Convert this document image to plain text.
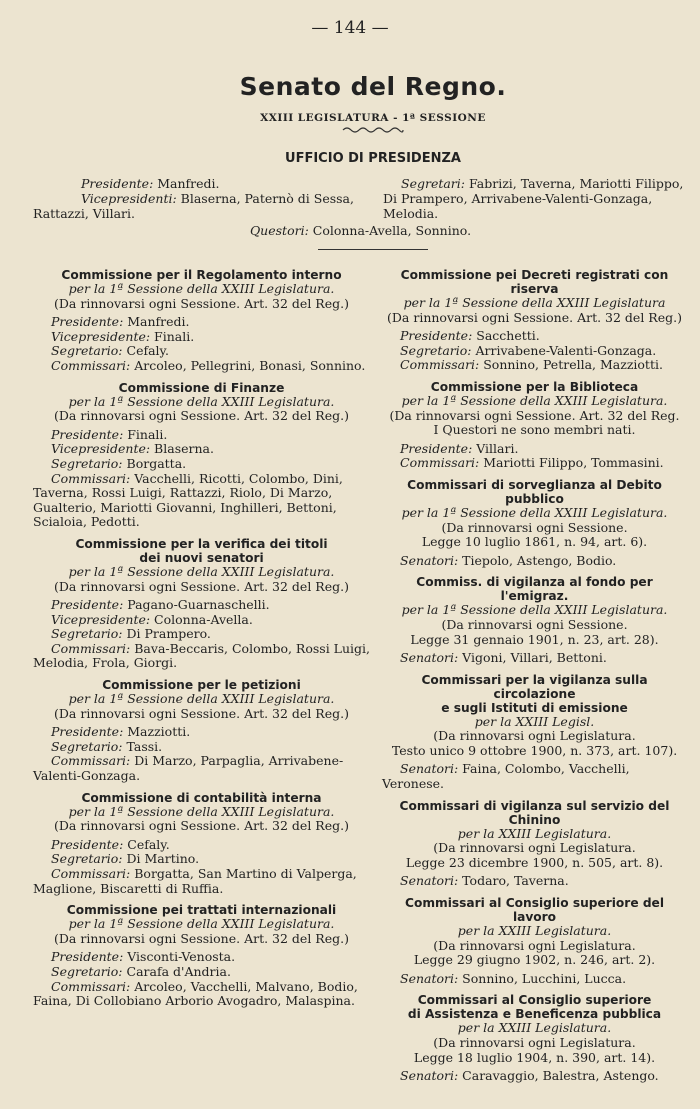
— 144 —
Senato del Regno.
XXIII LEGISLATURA - 1ª SESSIONE
UFFICIO DI PRESIDENZA
Presidente: Manfredi.
Vicepresidenti: Blaserna, Paternò di Sessa, Rattazzi, Villari.
Segretari: Fabrizi, Taverna, Mariotti Filippo, Di Prampero, Arrivabene-Valenti-Gonzaga, Melodia.
Questori: Colonna-Avella, Sonnino.
Commissione per il Regolamento interno
per la 1ª Sessione della XXIII Legislatura.
(Da rinnovarsi ogni Sessione. Art. 32 del Reg.)
Presidente: Manfredi.
Vicepresidente: Finali.
Segretario: Cefaly.
Commissari: Arcoleo, Pellegrini, Bonasi, Sonnino.
Commissione di Finanze
per la 1ª Sessione della XXIII Legislatura.
(Da rinnovarsi ogni Sessione. Art. 32 del Reg.)
Presidente: Finali.
Vicepresidente: Blaserna.
Segretario: Borgatta.
Commissari: Vacchelli, Ricotti, Colombo, Dini, Taverna, Rossi Luigi, Rattazzi, Riolo, Di Marzo, Gualterio, Mariotti Giovanni, Inghilleri, Bettoni, Scialoia, Pedotti.
Commissione per la verifica dei titoli
dei nuovi senatori
per la 1ª Sessione della XXIII Legislatura.
(Da rinnovarsi ogni Sessione. Art. 32 del Reg.)
Presidente: Pagano-Guarnaschelli.
Vicepresidente: Colonna-Avella.
Segretario: Di Prampero.
Commissari: Bava-Beccaris, Colombo, Rossi Luigi, Melodia, Frola, Giorgi.
Commissione per le petizioni
per la 1ª Sessione della XXIII Legislatura.
(Da rinnovarsi ogni Sessione. Art. 32 del Reg.)
Presidente: Mazziotti.
Segretario: Tassi.
Commissari: Di Marzo, Parpaglia, Arrivabene-Valenti-Gonzaga.
Commissione di contabilità interna
per la 1ª Sessione della XXIII Legislatura.
(Da rinnovarsi ogni Sessione. Art. 32 del Reg.)
Presidente: Cefaly.
Segretario: Di Martino.
Commissari: Borgatta, San Martino di Valperga, Maglione, Biscaretti di Ruffia.
Commissione pei trattati internazionali
per la 1ª Sessione della XXIII Legislatura.
(Da rinnovarsi ogni Sessione. Art. 32 del Reg.)
Presidente: Visconti-Venosta.
Segretario: Carafa d'Andria.
Commissari: Arcoleo, Vacchelli, Malvano, Bodio, Faina, Di Collobiano Arborio Avogadro, Malaspina.
Commissione pei Decreti registrati con riserva
per la 1ª Sessione della XXIII Legislatura
(Da rinnovarsi ogni Sessione. Art. 32 del Reg.)
Presidente: Sacchetti.
Segretario: Arrivabene-Valenti-Gonzaga.
Commissari: Sonnino, Petrella, Mazziotti.
Commissione per la Biblioteca
per la 1ª Sessione della XXIII Legislatura.
(Da rinnovarsi ogni Sessione. Art. 32 del Reg.
I Questori ne sono membri nati.
Presidente: Villari.
Commissari: Mariotti Filippo, Tommasini.
Commissari di sorveglianza al Debito pubblico
per la 1ª Sessione della XXIII Legislatura.
(Da rinnovarsi ogni Sessione.
Legge 10 luglio 1861, n. 94, art. 6).
Senatori: Tiepolo, Astengo, Bodio.
Commiss. di vigilanza al fondo per l'emigraz.
per la 1ª Sessione della XXIII Legislatura.
(Da rinnovarsi ogni Sessione.
Legge 31 gennaio 1901, n. 23, art. 28).
Senatori: Vigoni, Villari, Bettoni.
Commissari per la vigilanza sulla circolazione
e sugli Istituti di emissione
per la XXIII Legisl.
(Da rinnovarsi ogni Legislatura.
Testo unico 9 ottobre 1900, n. 373, art. 107).
Senatori: Faina, Colombo, Vacchelli, Veronese.
Commissari di vigilanza sul servizio del Chinino
per la XXIII Legislatura.
(Da rinnovarsi ogni Legislatura.
Legge 23 dicembre 1900, n. 505, art. 8).
Senatori: Todaro, Taverna.
Commissari al Consiglio superiore del lavoro
per la XXIII Legislatura.
(Da rinnovarsi ogni Legislatura.
Legge 29 giugno 1902, n. 246, art. 2).
Senatori: Sonnino, Lucchini, Lucca.
Commissari al Consiglio superiore
di Assistenza e Beneficenza pubblica
per la XXIII Legislatura.
(Da rinnovarsi ogni Legislatura.
Legge 18 luglio 1904, n. 390, art. 14).
Senatori: Caravaggio, Balestra, Astengo.
